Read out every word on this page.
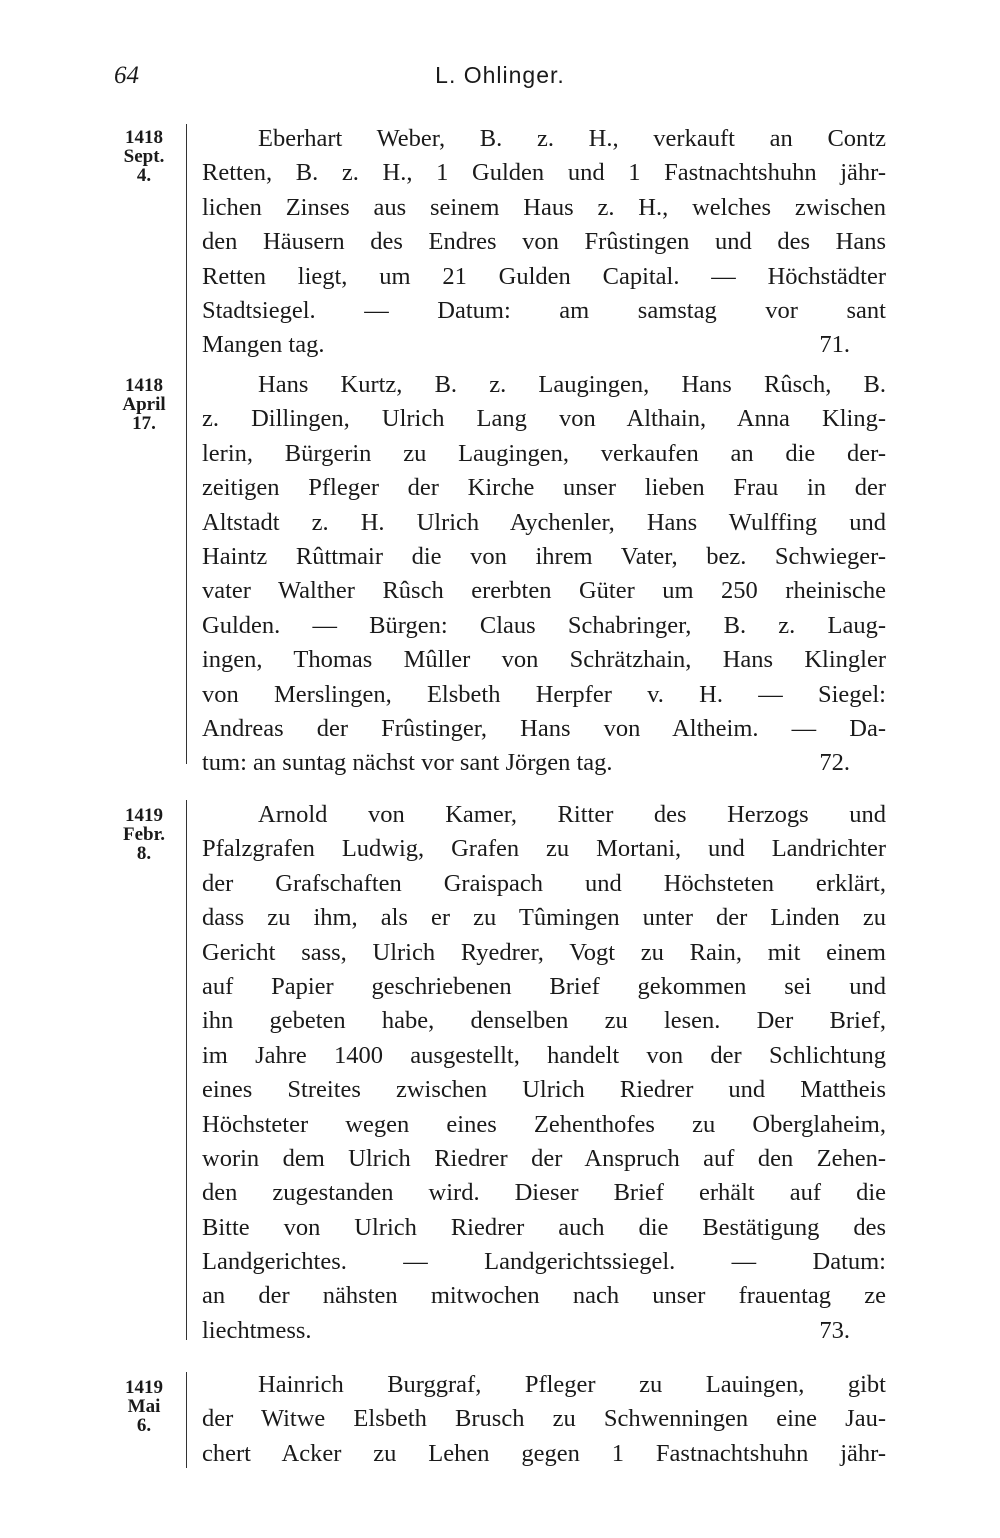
64	L. Ohlinger.
1418
Sept.
4.
Eberhart Weber, B. z. H., verkauft an Contz
Retten, B. z. H., 1 Gulden und 1 Fastnachtshuhn jähr-
lichen Zinses aus seinem Haus z. H., welches zwischen
den Häusern des Endres von Frûstingen und des Hans
Retten liegt, um 21 Gulden Capital. — Höchstädter
Stadtsiegel. — Datum: am samstag vor sant
Mangen tag.	71.
1418
April
17.
Hans Kurtz, B. z. Laugingen, Hans Rûsch, B.
z. Dillingen, Ulrich Lang von Althain, Anna Kling-
lerin, Bürgerin zu Laugingen, verkaufen an die der-
zeitigen Pfleger der Kirche unser lieben Frau in der
Altstadt z. H. Ulrich Aychenler, Hans Wulffing und
Haintz Rûttmair die von ihrem Vater, bez. Schwieger-
vater Walther Rûsch ererbten Güter um 250 rheinische
Gulden. — Bürgen: Claus Schabringer, B. z. Laug-
ingen, Thomas Mûller von Schrätzhain, Hans Klingler
von Merslingen, Elsbeth Herpfer v. H. — Siegel:
Andreas der Frûstinger, Hans von Altheim. — Da-
tum: an suntag nächst vor sant Jörgen tag.	72.
1419
Febr.
8.
Arnold von Kamer, Ritter des Herzogs und
Pfalzgrafen Ludwig, Grafen zu Mortani, und Landrichter
der Grafschaften Graispach und Höchsteten erklärt,
dass zu ihm, als er zu Tûmingen unter der Linden zu
Gericht sass, Ulrich Ryedrer, Vogt zu Rain, mit einem
auf Papier geschriebenen Brief gekommen sei und
ihn gebeten habe, denselben zu lesen. Der Brief,
im Jahre 1400 ausgestellt, handelt von der Schlichtung
eines Streites zwischen Ulrich Riedrer und Mattheis
Höchsteter wegen eines Zehenthofes zu Oberglaheim,
worin dem Ulrich Riedrer der Anspruch auf den Zehen-
den zugestanden wird. Dieser Brief erhält auf die
Bitte von Ulrich Riedrer auch die Bestätigung des
Landgerichtes. — Landgerichtssiegel. — Datum:
an der nähsten mitwochen nach unser frauentag ze
liechtmess.	73.
1419
Mai
6.
Hainrich Burggraf, Pfleger zu Lauingen, gibt
der Witwe Elsbeth Brusch zu Schwenningen eine Jau-
chert Acker zu Lehen gegen 1 Fastnachtshuhn jähr-
